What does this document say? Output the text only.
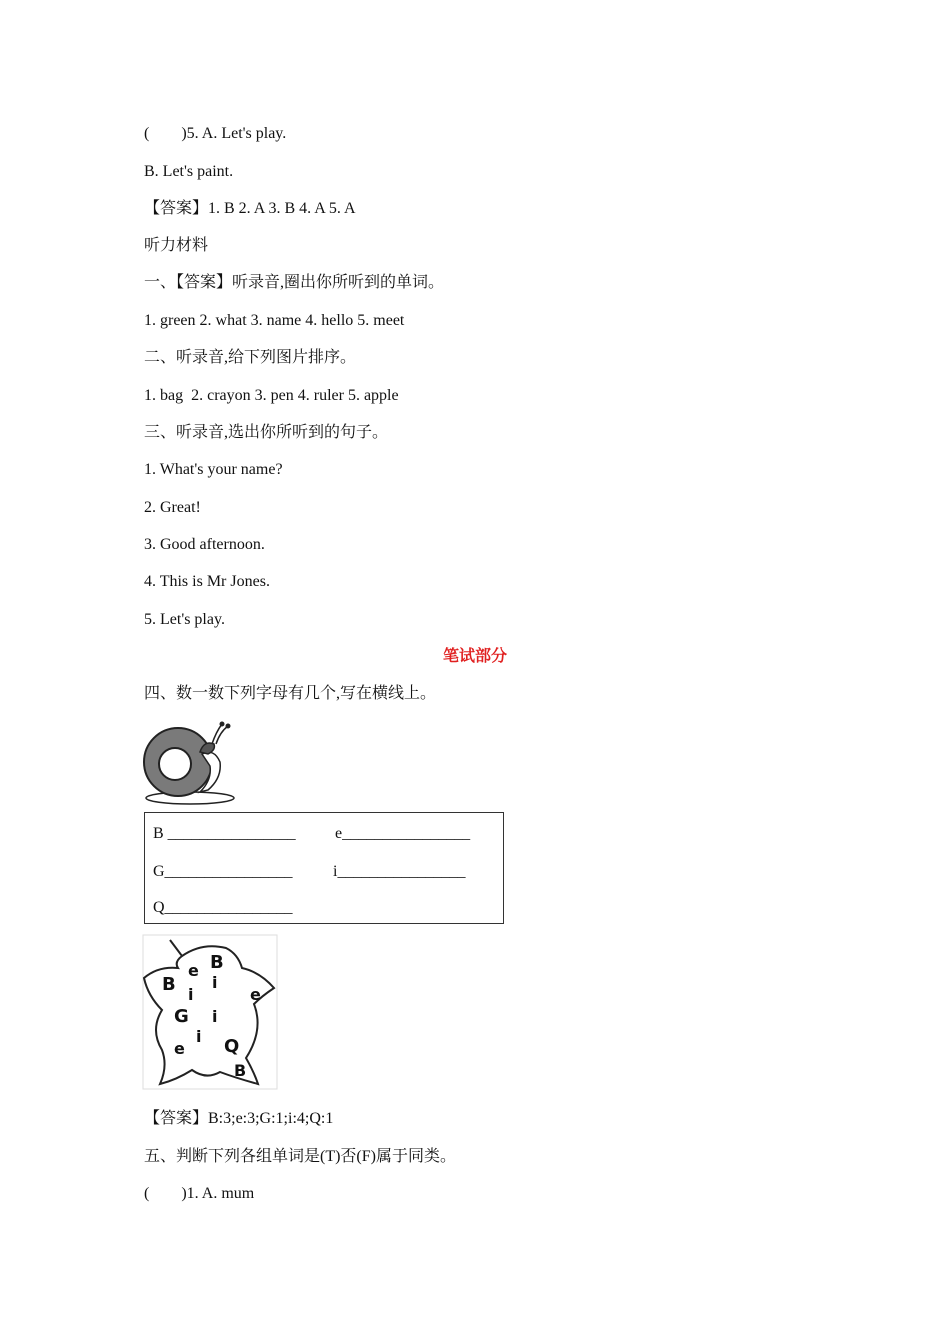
(        )5. A. Let's play.
B. Let's paint.
【答案】1. B 2. A 3. B 4. A 5. A
听力材料
一、【答案】听录音,圈出你所听到的单词。
1. green 2. what 3. name 4. hello 5. meet
二、听录音,给下列图片排序。
1. bag  2. crayon 3. pen 4. ruler 5. apple
三、听录音,选出你所听到的句子。
1. What's your name?
2. Great!
3. Good afternoon.
4. This is Mr Jones.
5. Let's play.
笔试部分
四、数一数下列字母有几个,写在横线上。
B ________________ e________________
G________________	i________________
Q________________
B
e
B i
i	e
G i
i
e Q
B
【答案】B:3;e:3;G:1;i:4;Q:1
五、判断下列各组单词是(T)否(F)属于同类。
(        )1. A. mum
